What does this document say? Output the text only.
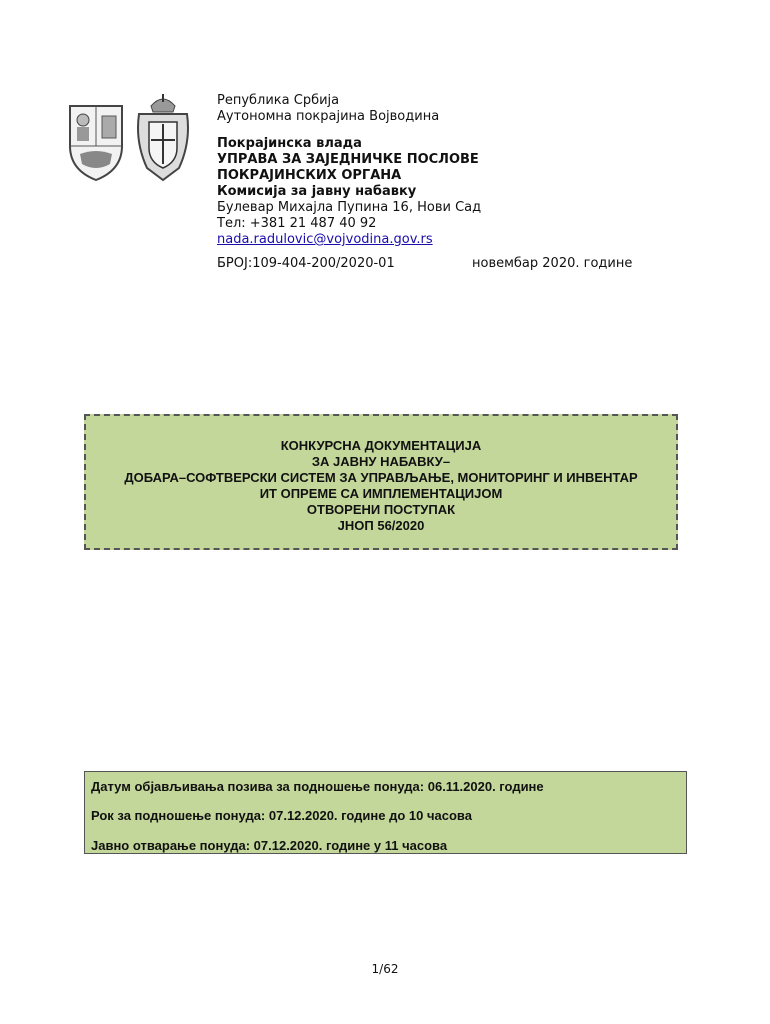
Република Србија
Аутономна покрајина Војводина
Покрајинска влада
УПРАВА ЗА ЗАЈЕДНИЧКЕ ПОСЛОВЕ
ПОКРАЈИНСКИХ ОРГАНА
Комисија за јавну набавку
Булевар Михајла Пупина 16, Нови Сад
Тел: +381 21 487 40 92
nada.radulovic@vojvodina.gov.rs
БРОЈ:109-404-200/2020-01	новембар 2020. године
КОНКУРСНА ДОКУМЕНТАЦИЈА
ЗА ЈАВНУ НАБАВКУ–
ДОБАРА–СОФТВЕРСКИ СИСТЕМ ЗА УПРАВЉАЊЕ, МОНИТОРИНГ И ИНВЕНТАР
ИТ ОПРЕМЕ СА ИМПЛЕМЕНТАЦИЈОМ
ОТВОРЕНИ ПОСТУПАК
ЈНОП 56/2020
Датум објављивања позива за подношење понуда: 06.11.2020. године
Рок за подношење понуда: 07.12.2020. године до 10 часова
Јавно отварање понуда: 07.12.2020. године у 11 часова
1/62
